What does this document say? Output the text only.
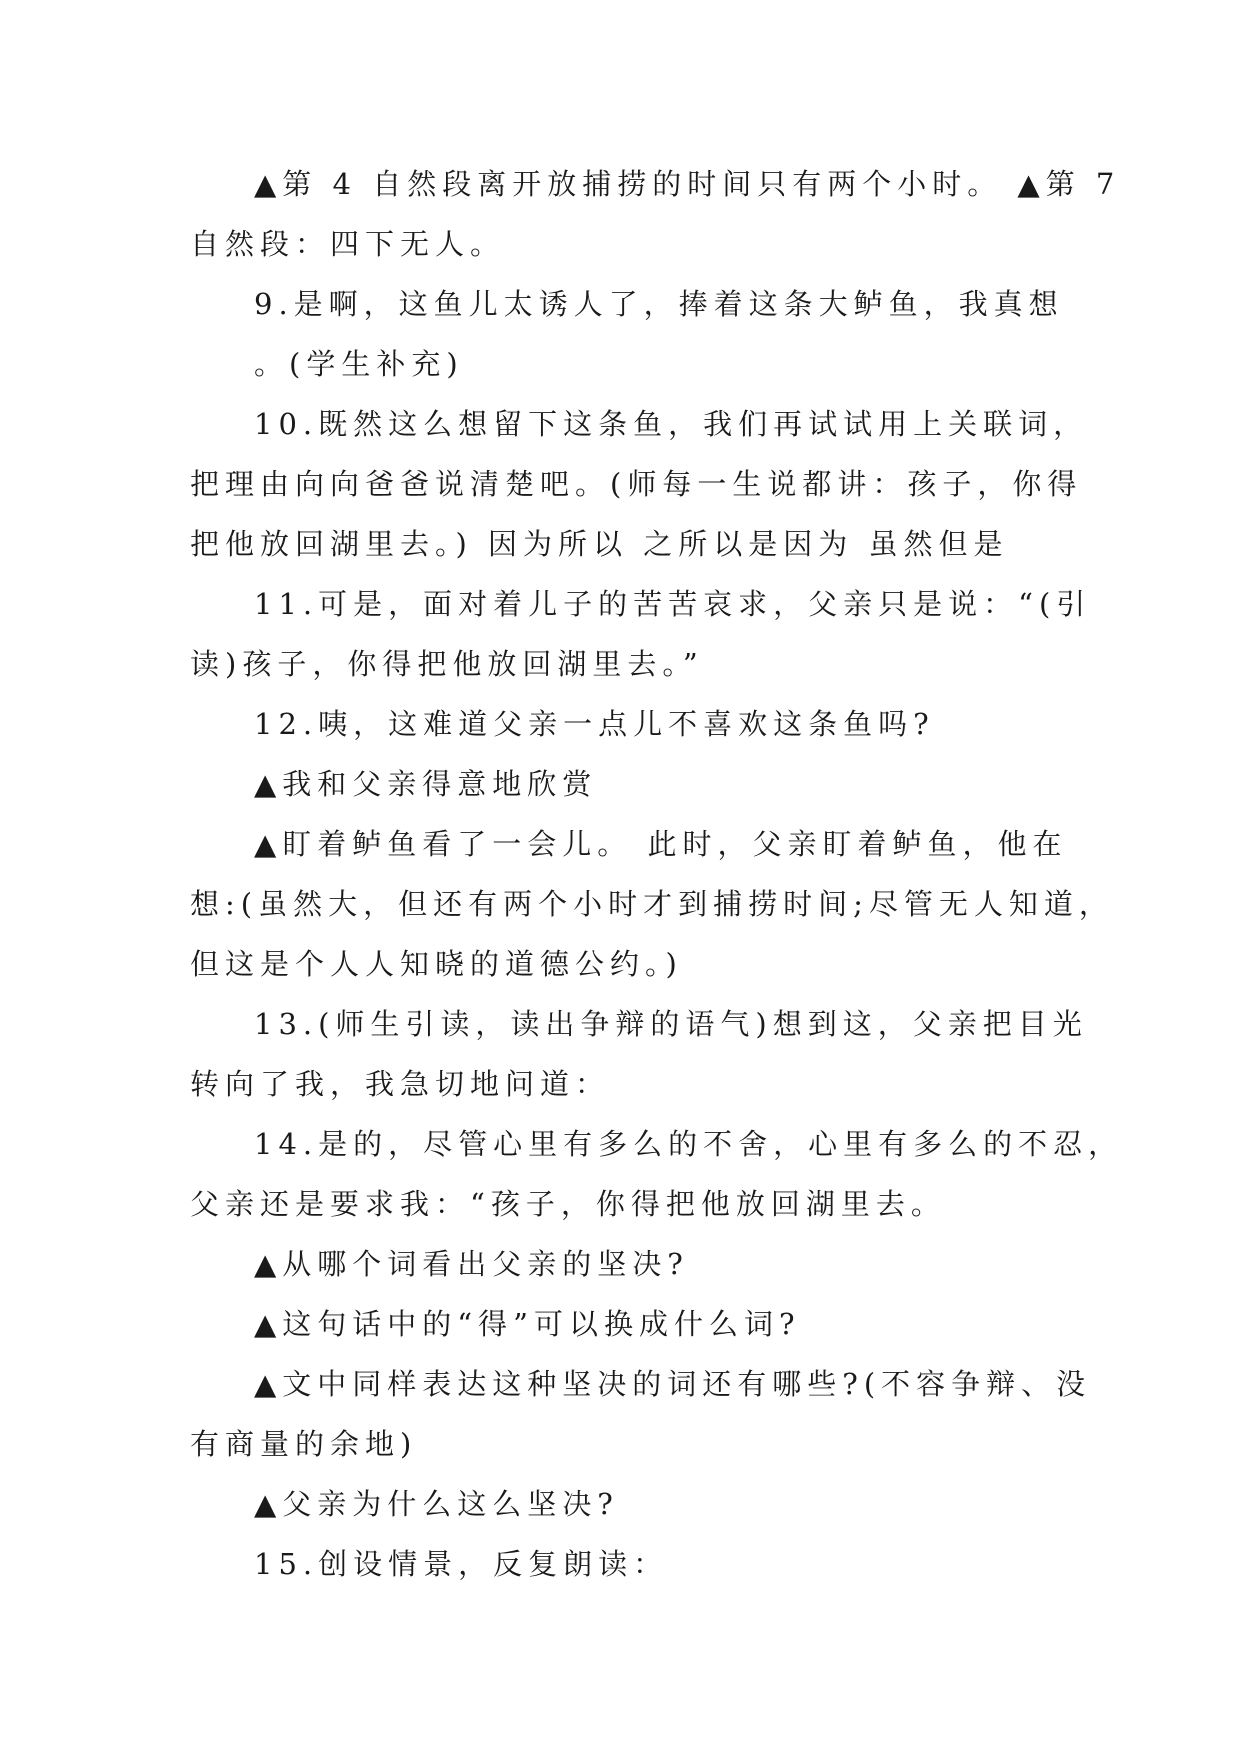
▲第 4 自然段离开放捕捞的时间只有两个小时。 ▲第 7
自然段：四下无人。
9.是啊，这鱼儿太诱人了，捧着这条大鲈鱼，我真想
。(学生补充)
10.既然这么想留下这条鱼，我们再试试用上关联词，
把理由向向爸爸说清楚吧。(师每一生说都讲：孩子，你得
把他放回湖里去。) 因为所以 之所以是因为 虽然但是
11.可是，面对着儿子的苦苦哀求，父亲只是说：“(引
读)孩子，你得把他放回湖里去。”
12.咦，这难道父亲一点儿不喜欢这条鱼吗?
▲我和父亲得意地欣赏
▲盯着鲈鱼看了一会儿。 此时，父亲盯着鲈鱼，他在
想:(虽然大，但还有两个小时才到捕捞时间;尽管无人知道，
但这是个人人知晓的道德公约。)
13.(师生引读，读出争辩的语气)想到这，父亲把目光
转向了我，我急切地问道：
14.是的，尽管心里有多么的不舍，心里有多么的不忍，
父亲还是要求我：“孩子，你得把他放回湖里去。
▲从哪个词看出父亲的坚决?
▲这句话中的“得”可以换成什么词?
▲文中同样表达这种坚决的词还有哪些?(不容争辩、没
有商量的余地)
▲父亲为什么这么坚决?
15.创设情景，反复朗读：
